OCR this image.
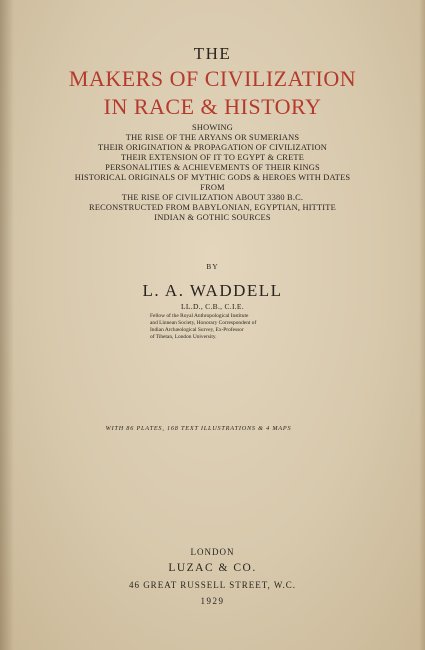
THE
MAKERS OF CIVILIZATION
IN RACE & HISTORY
SHOWING
THE RISE OF THE ARYANS OR SUMERIANS
THEIR ORIGINATION & PROPAGATION OF CIVILIZATION
THEIR EXTENSION OF IT TO EGYPT & CRETE
PERSONALITIES & ACHIEVEMENTS OF THEIR KINGS
HISTORICAL ORIGINALS OF MYTHIC GODS & HEROES WITH DATES
FROM
THE RISE OF CIVILIZATION ABOUT 3380 B.C.
RECONSTRUCTED FROM BABYLONIAN, EGYPTIAN, HITTITE
INDIAN & GOTHIC SOURCES
BY
L. A. WADDELL
LL.D., C.B., C.I.E.
Fellow of the Royal Anthropological Institute
and Linnean Society, Honorary Correspondent of
Indian Archæological Survey, Ex-Professor
of Tibetan, London University.
WITH 86 PLATES, 168 TEXT ILLUSTRATIONS & 4 MAPS
LONDON
LUZAC & CO.
46 GREAT RUSSELL STREET, W.C.
1929
